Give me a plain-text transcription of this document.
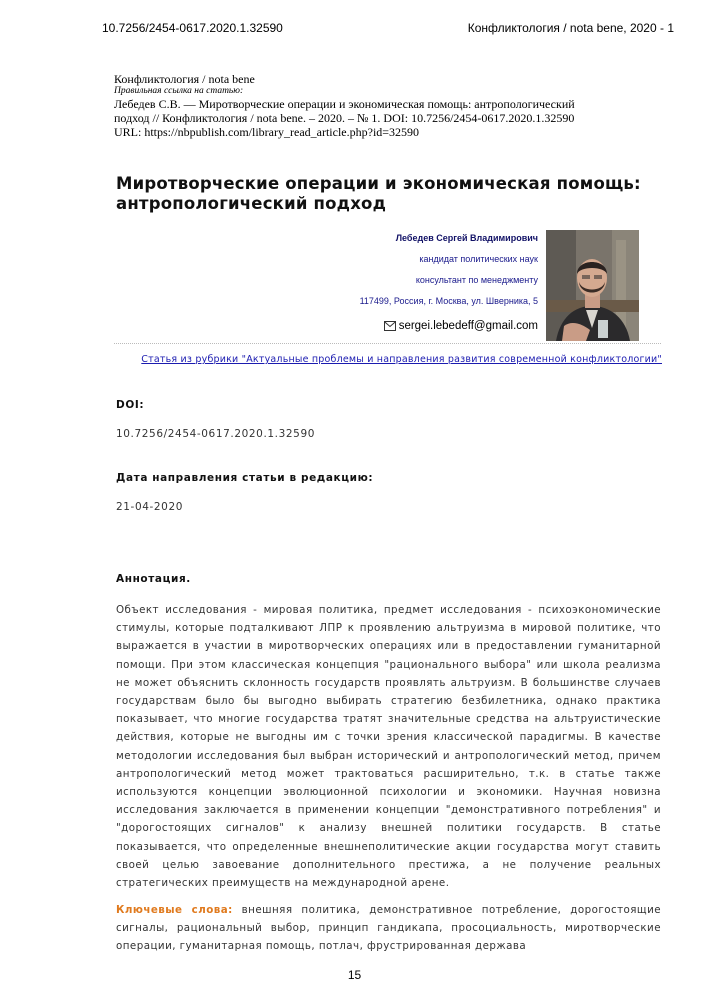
10.7256/2454-0617.2020.1.32590	Конфликтология / nota bene, 2020 - 1
Конфликтология / nota bene
Правильная ссылка на статью:
Лебедев С.В. — Миротворческие операции и экономическая помощь: антропологический подход // Конфликтология / nota bene. – 2020. – № 1. DOI: 10.7256/2454-0617.2020.1.32590 URL: https://nbpublish.com/library_read_article.php?id=32590
Миротворческие операции и экономическая помощь: антропологический подход
Лебедев Сергей Владимирович
кандидат политических наук
консультант по менеджменту
117499, Россия, г. Москва, ул. Шверника, 5
sergei.lebedeff@gmail.com
Статья из рубрики "Актуальные проблемы и направления развития современной конфликтологии"
DOI:
10.7256/2454-0617.2020.1.32590
Дата направления статьи в редакцию:
21-04-2020
Аннотация.
Объект исследования - мировая политика, предмет исследования - психоэкономические стимулы, которые подталкивают ЛПР к проявлению альтруизма в мировой политике, что выражается в участии в миротворческих операциях или в предоставлении гуманитарной помощи. При этом классическая концепция "рационального выбора" или школа реализма не может объяснить склонность государств проявлять альтруизм. В большинстве случаев государствам было бы выгодно выбирать стратегию безбилетника, однако практика показывает, что многие государства тратят значительные средства на альтруистические действия, которые не выгодны им с точки зрения классической парадигмы. В качестве методологии исследования был выбран исторический и антропологический метод, причем антропологический метод может трактоваться расширительно, т.к. в статье также используются концепции эволюционной психологии и экономики. Научная новизна исследования заключается в применении концепции "демонстративного потребления" и "дорогостоящих сигналов" к анализу внешней политики государств. В статье показывается, что определенные внешнеполитические акции государства могут ставить своей целью завоевание дополнительного престижа, а не получение реальных стратегических преимуществ на международной арене.
Ключевые слова: внешняя политика, демонстративное потребление, дорогостоящие сигналы, рациональный выбор, принцип гандикапа, просоциальность, миротворческие операции, гуманитарная помощь, потлач, фрустрированная держава
15
